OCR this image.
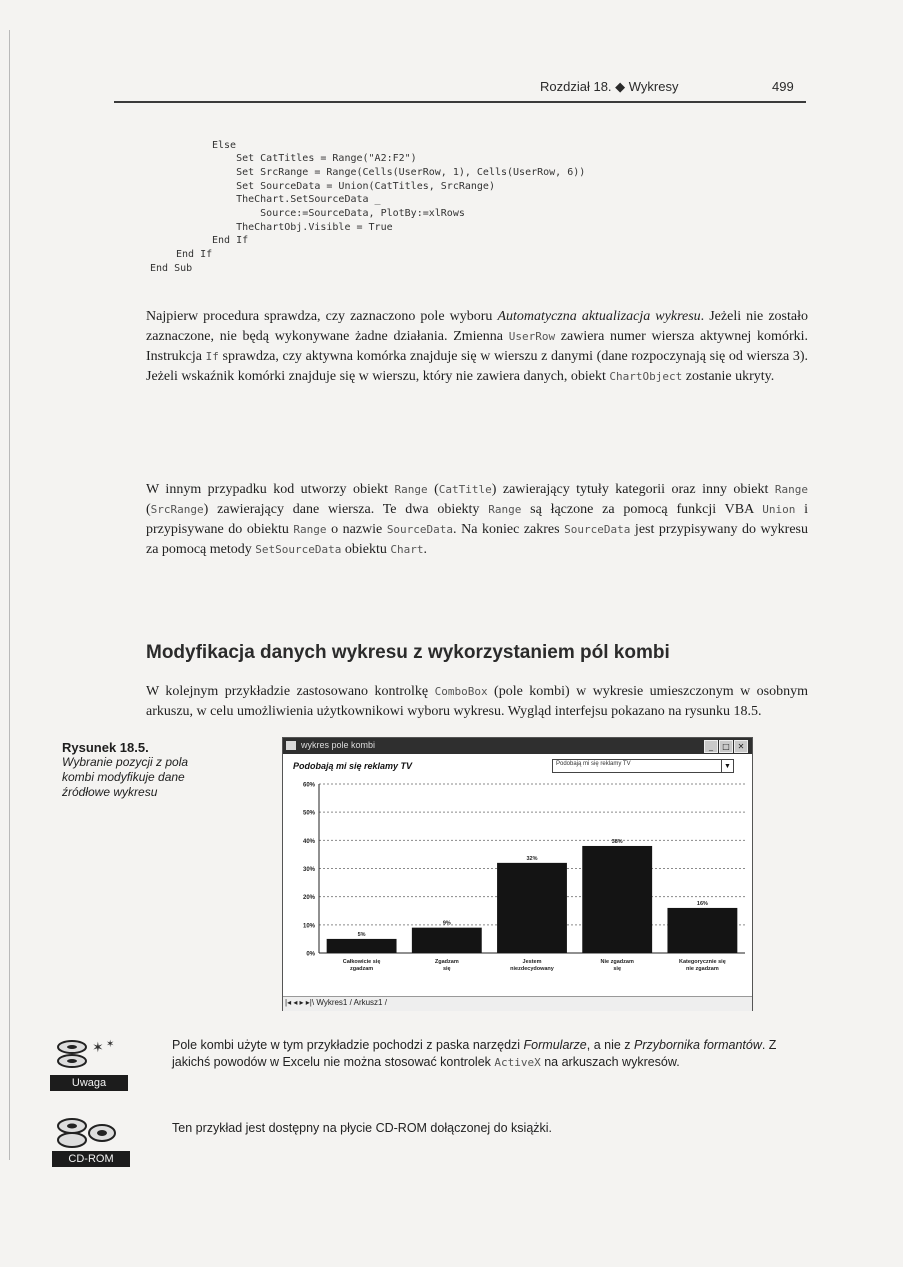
Rozdział 18. ◆ Wykresy	499
Else
Set CatTitles = Range("A2:F2")
Set SrcRange = Range(Cells(UserRow, 1), Cells(UserRow, 6))
Set SourceData = Union(CatTitles, SrcRange)
TheChart.SetSourceData _
Source:=SourceData, PlotBy:=xlRows
TheChartObj.Visible = True
End If
End If
End Sub

Najpierw procedura sprawdza, czy zaznaczono pole wyboru Automatyczna aktualizacja wykresu. Jeżeli nie zostało zaznaczone, nie będą wykonywane żadne działania. Zmienna UserRow zawiera numer wiersza aktywnej komórki. Instrukcja If sprawdza, czy aktywna komórka znajduje się w wierszu z danymi (dane rozpoczynają się od wiersza 3). Jeżeli wskaźnik komórki znajduje się w wierszu, który nie zawiera danych, obiekt ChartObject zostanie ukryty.

W innym przypadku kod utworzy obiekt Range (CatTitle) zawierający tytuły kategorii oraz inny obiekt Range (SrcRange) zawierający dane wiersza. Te dwa obiekty Range są łączone za pomocą funkcji VBA Union i przypisywane do obiektu Range o nazwie SourceData. Na koniec zakres SourceData jest przypisywany do wykresu za pomocą metody SetSourceData obiektu Chart.

Modyfikacja danych wykresu z wykorzystaniem pól kombi

W kolejnym przykładzie zastosowano kontrolkę ComboBox (pole kombi) w wykresie umieszczonym w osobnym arkuszu, w celu umożliwienia użytkownikowi wyboru wykresu. Wygląd interfejsu pokazano na rysunku 18.5.

Rysunek 18.5.
Wybranie pozycji z pola kombi modyfikuje dane źródłowe wykresu
wykres pole kombi	_	□ ✕
Podobają mi się reklamy TV	Podobają mi się reklamy TV	▼
0%
10%
20%
30%
40%
50%
60%
5%
Całkowicie się zgadzam
9%
Zgadzam się
32%
Jestem niezdecydowany
38%
Nie zgadzam się
16%
Kategorycznie się nie zgadzam
|◂ ◂ ▸ ▸|\ Wykres1 / Arkusz1 /
✶ ✶
Uwaga

Pole kombi użyte w tym przykładzie pochodzi z paska narzędzi Formularze, a nie z Przybornika formantów. Z jakichś powodów w Excelu nie można stosować kontrolek ActiveX na arkuszach wykresów.

CD-ROM

Ten przykład jest dostępny na płycie CD-ROM dołączonej do książki.
